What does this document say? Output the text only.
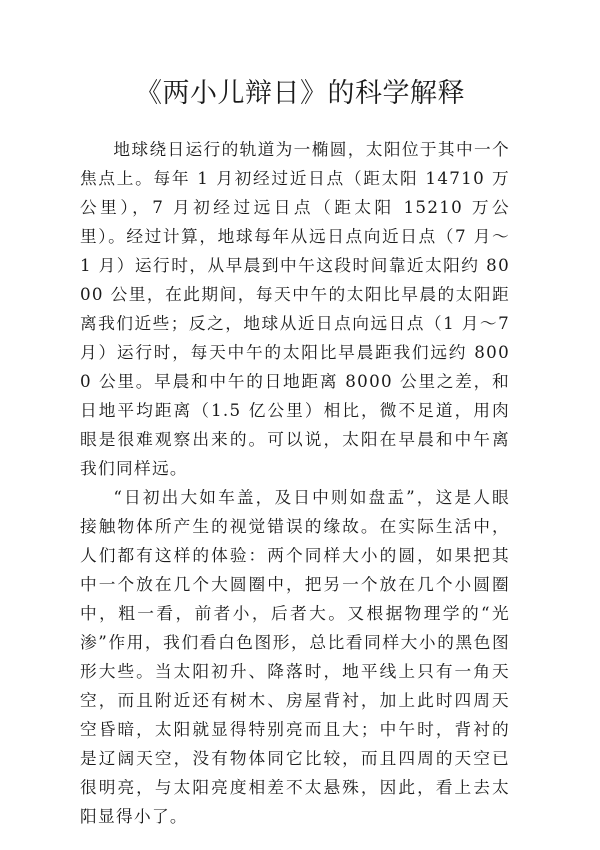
《两小儿辩日》的科学解释

地球绕日运行的轨道为一椭圆，太阳位于其中一个焦点上。每年 1 月初经过近日点（距太阳 14710 万公里），7 月初经过远日点（距太阳 15210 万公里）。经过计算，地球每年从远日点向近日点（7 月～1 月）运行时，从早晨到中午这段时间靠近太阳约 8000 公里，在此期间，每天中午的太阳比早晨的太阳距离我们近些；反之，地球从近日点向远日点（1 月～7 月）运行时，每天中午的太阳比早晨距我们远约 8000 公里。早晨和中午的日地距离 8000 公里之差，和日地平均距离（1.5 亿公里）相比，微不足道，用肉眼是很难观察出来的。可以说，太阳在早晨和中午离我们同样远。

“日初出大如车盖，及日中则如盘盂”，这是人眼接触物体所产生的视觉错误的缘故。在实际生活中，人们都有这样的体验：两个同样大小的圆，如果把其中一个放在几个大圆圈中，把另一个放在几个小圆圈中，粗一看，前者小，后者大。又根据物理学的“光渗”作用，我们看白色图形，总比看同样大小的黑色图形大些。当太阳初升、降落时，地平线上只有一角天空，而且附近还有树木、房屋背衬，加上此时四周天空昏暗，太阳就显得特别亮而且大；中午时，背衬的是辽阔天空，没有物体同它比较，而且四周的天空已很明亮，与太阳亮度相差不太悬殊，因此，看上去太阳显得小了。
